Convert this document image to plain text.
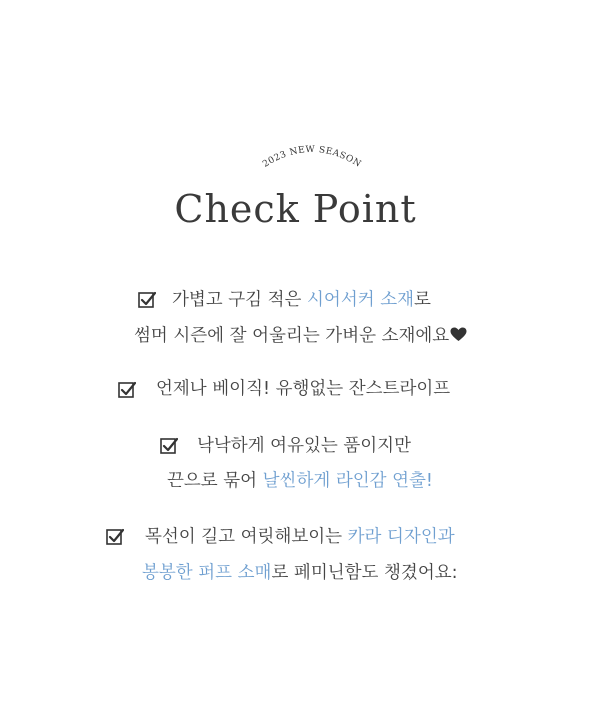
2023 NEW SEASON
Check Point
가볍고 구김 적은 시어서커 소재로
썸머 시즌에 잘 어울리는 가벼운 소재에요
언제나 베이직! 유행없는 잔스트라이프
낙낙하게 여유있는 품이지만
끈으로 묶어 날씬하게 라인감 연출!
목선이 길고 여릿해보이는 카라 디자인과
봉봉한 퍼프 소매로 페미닌함도 챙겼어요:
